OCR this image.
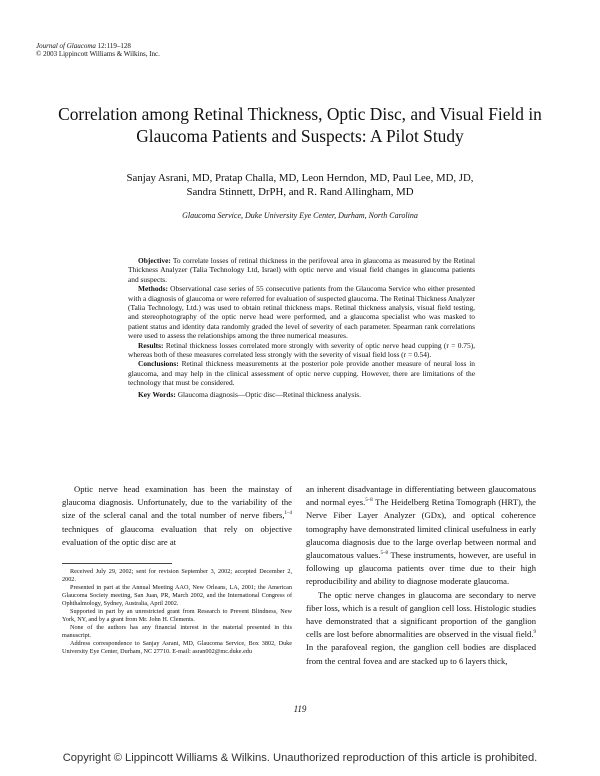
Journal of Glaucoma 12:119–128
© 2003 Lippincott Williams & Wilkins, Inc.
Correlation among Retinal Thickness, Optic Disc, and Visual Field in Glaucoma Patients and Suspects: A Pilot Study
Sanjay Asrani, MD, Pratap Challa, MD, Leon Herndon, MD, Paul Lee, MD, JD,
Sandra Stinnett, DrPH, and R. Rand Allingham, MD
Glaucoma Service, Duke University Eye Center, Durham, North Carolina

Objective: To correlate losses of retinal thickness in the perifoveal area in glaucoma as measured by the Retinal Thickness Analyzer (Talia Technology Ltd, Israel) with optic nerve and visual field changes in glaucoma patients and suspects.

Methods: Observational case series of 55 consecutive patients from the Glaucoma Service who either presented with a diagnosis of glaucoma or were referred for evaluation of suspected glaucoma. The Retinal Thickness Analyzer (Talia Technology, Ltd.) was used to obtain retinal thickness maps. Retinal thickness analysis, visual field testing, and stereophotography of the optic nerve head were performed, and a glaucoma specialist who was masked to patient status and identity data randomly graded the level of severity of each parameter. Spearman rank correlations were used to assess the relationships among the three numerical measures.

Results: Retinal thickness losses correlated more strongly with severity of optic nerve head cupping (r = 0.75), whereas both of these measures correlated less strongly with the severity of visual field loss (r = 0.54).

Conclusions: Retinal thickness measurements at the posterior pole provide another measure of neural loss in glaucoma, and may help in the clinical assessment of optic nerve cupping. However, there are limitations of the technology that must be considered.

Key Words: Glaucoma diagnosis—Optic disc—Retinal thickness analysis.

Optic nerve head examination has been the mainstay of glaucoma diagnosis. Unfortunately, due to the variability of the size of the scleral canal and the total number of nerve fibers,$^{1-4}$ techniques of glaucoma evaluation that rely on objective evaluation of the optic disc are at

Received July 29, 2002; sent for revision September 3, 2002; accepted December 2, 2002.

Presented in part at the Annual Meeting AAO, New Orleans, LA, 2001; the American Glaucoma Society meeting, San Juan, PR, March 2002, and the International Congress of Ophthalmology, Sydney, Australia, April 2002.

Supported in part by an unrestricted grant from Research to Prevent Blindness, New York, NY, and by a grant from Mr. John H. Clements.

None of the authors has any financial interest in the material presented in this manuscript.

Address correspondence to Sanjay Asrani, MD, Glaucoma Service, Box 3802, Duke University Eye Center, Durham, NC 27710. E-mail: asran002@mc.duke.edu

an inherent disadvantage in differentiating between glaucomatous and normal eyes.$^{5-8}$ The Heidelberg Retina Tomograph (HRT), the Nerve Fiber Layer Analyzer (GDx), and optical coherence tomography have demonstrated limited clinical usefulness in early glaucoma diagnosis due to the large overlap between normal and glaucomatous values.$^{5-8}$ These instruments, however, are useful in following up glaucoma patients over time due to their high reproducibility and ability to diagnose moderate glaucoma.

The optic nerve changes in glaucoma are secondary to nerve fiber loss, which is a result of ganglion cell loss. Histologic studies have demonstrated that a significant proportion of the ganglion cells are lost before abnormalities are observed in the visual field.$^9$ In the parafoveal region, the ganglion cell bodies are displaced from the central fovea and are stacked up to 6 layers thick,

119
Copyright © Lippincott Williams & Wilkins. Unauthorized reproduction of this article is prohibited.
